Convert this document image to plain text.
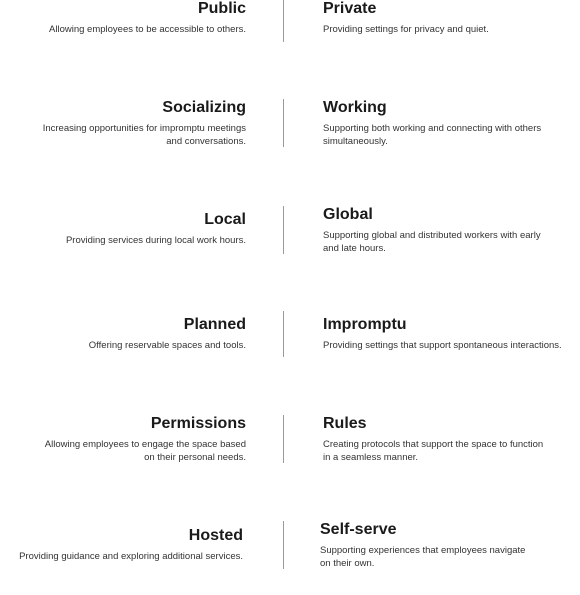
Public
Allowing employees to be accessible to others.
Private
Providing settings for privacy and quiet.
Socializing
Increasing opportunities for impromptu meetings
and conversations.
Working
Supporting both working and connecting with others
simultaneously.
Local
Providing services during local work hours.
Global
Supporting global and distributed workers with early
and late hours.
Planned
Offering reservable spaces and tools.
Impromptu
Providing settings that support spontaneous interactions.
Permissions
Allowing employees to engage the space based
on their personal needs.
Rules
Creating protocols that support the space to function
in a seamless manner.
Hosted
Providing guidance and exploring additional services.
Self-serve
Supporting experiences that employees navigate
on their own.
